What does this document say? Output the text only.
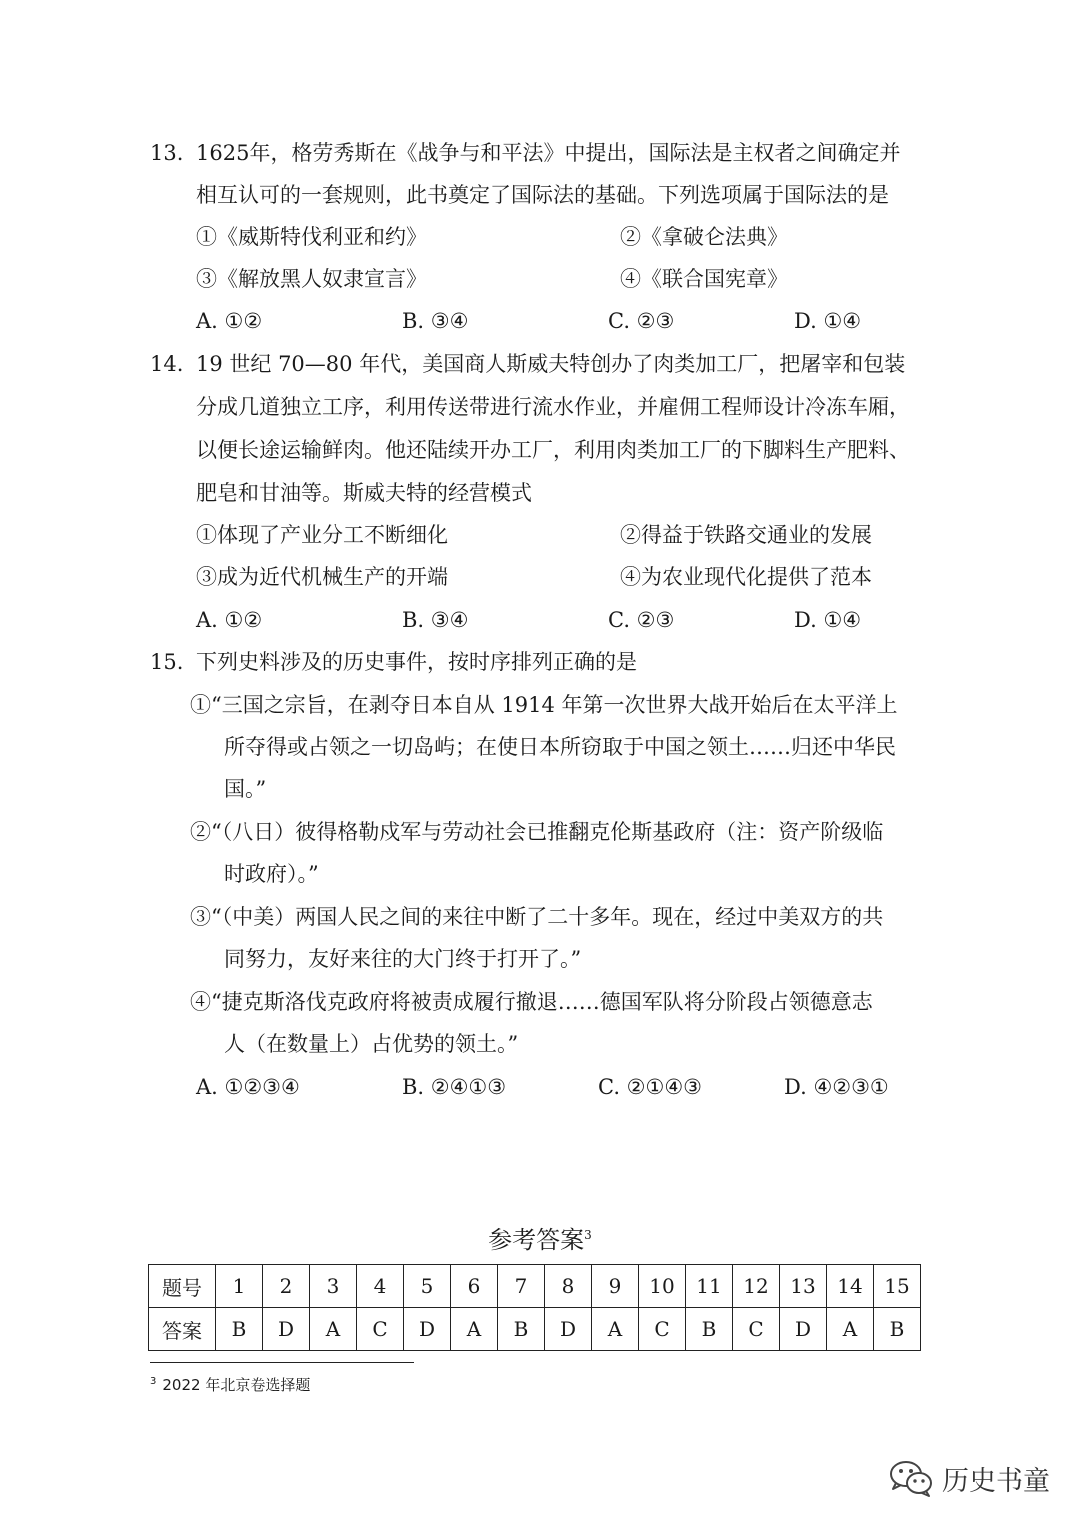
13. 1625年，格劳秀斯在《战争与和平法》中提出，国际法是主权者之间确定并
相互认可的一套规则，此书奠定了国际法的基础。下列选项属于国际法的是
①《威斯特伐利亚和约》	②《拿破仑法典》
③《解放黑人奴隶宣言》	④《联合国宪章》
A. ①②	B. ③④	C. ②③	D. ①④
14. 19 世纪 70—80 年代，美国商人斯威夫特创办了肉类加工厂，把屠宰和包装
分成几道独立工序，利用传送带进行流水作业，并雇佣工程师设计冷冻车厢，
以便长途运输鲜肉。他还陆续开办工厂，利用肉类加工厂的下脚料生产肥料、
肥皂和甘油等。斯威夫特的经营模式
①体现了产业分工不断细化	②得益于铁路交通业的发展
③成为近代机械生产的开端	④为农业现代化提供了范本
A. ①②	B. ③④	C. ②③	D. ①④
15. 下列史料涉及的历史事件，按时序排列正确的是
①“三国之宗旨，在剥夺日本自从 1914 年第一次世界大战开始后在太平洋上
所夺得或占领之一切岛屿；在使日本所窃取于中国之领土……归还中华民
国。”
②“（八日）彼得格勒戍军与劳动社会已推翻克伦斯基政府（注：资产阶级临
时政府）。”
③“（中美）两国人民之间的来往中断了二十多年。现在，经过中美双方的共
同努力，友好来往的大门终于打开了。”
④“捷克斯洛伐克政府将被责成履行撤退……德国军队将分阶段占领德意志
人（在数量上）占优势的领土。”
A. ①②③④	B. ②④①③	C. ②①④③	D. ④②③①
参考答案$^3$
题号	1	2	3	4	5	6	7	8	9	10	11	12	13	14	15
答案	B	D	A	C	D	A	B	D	A	C	B	C	D	A	B
$^3$ 2022 年北京卷选择题
历史书童
